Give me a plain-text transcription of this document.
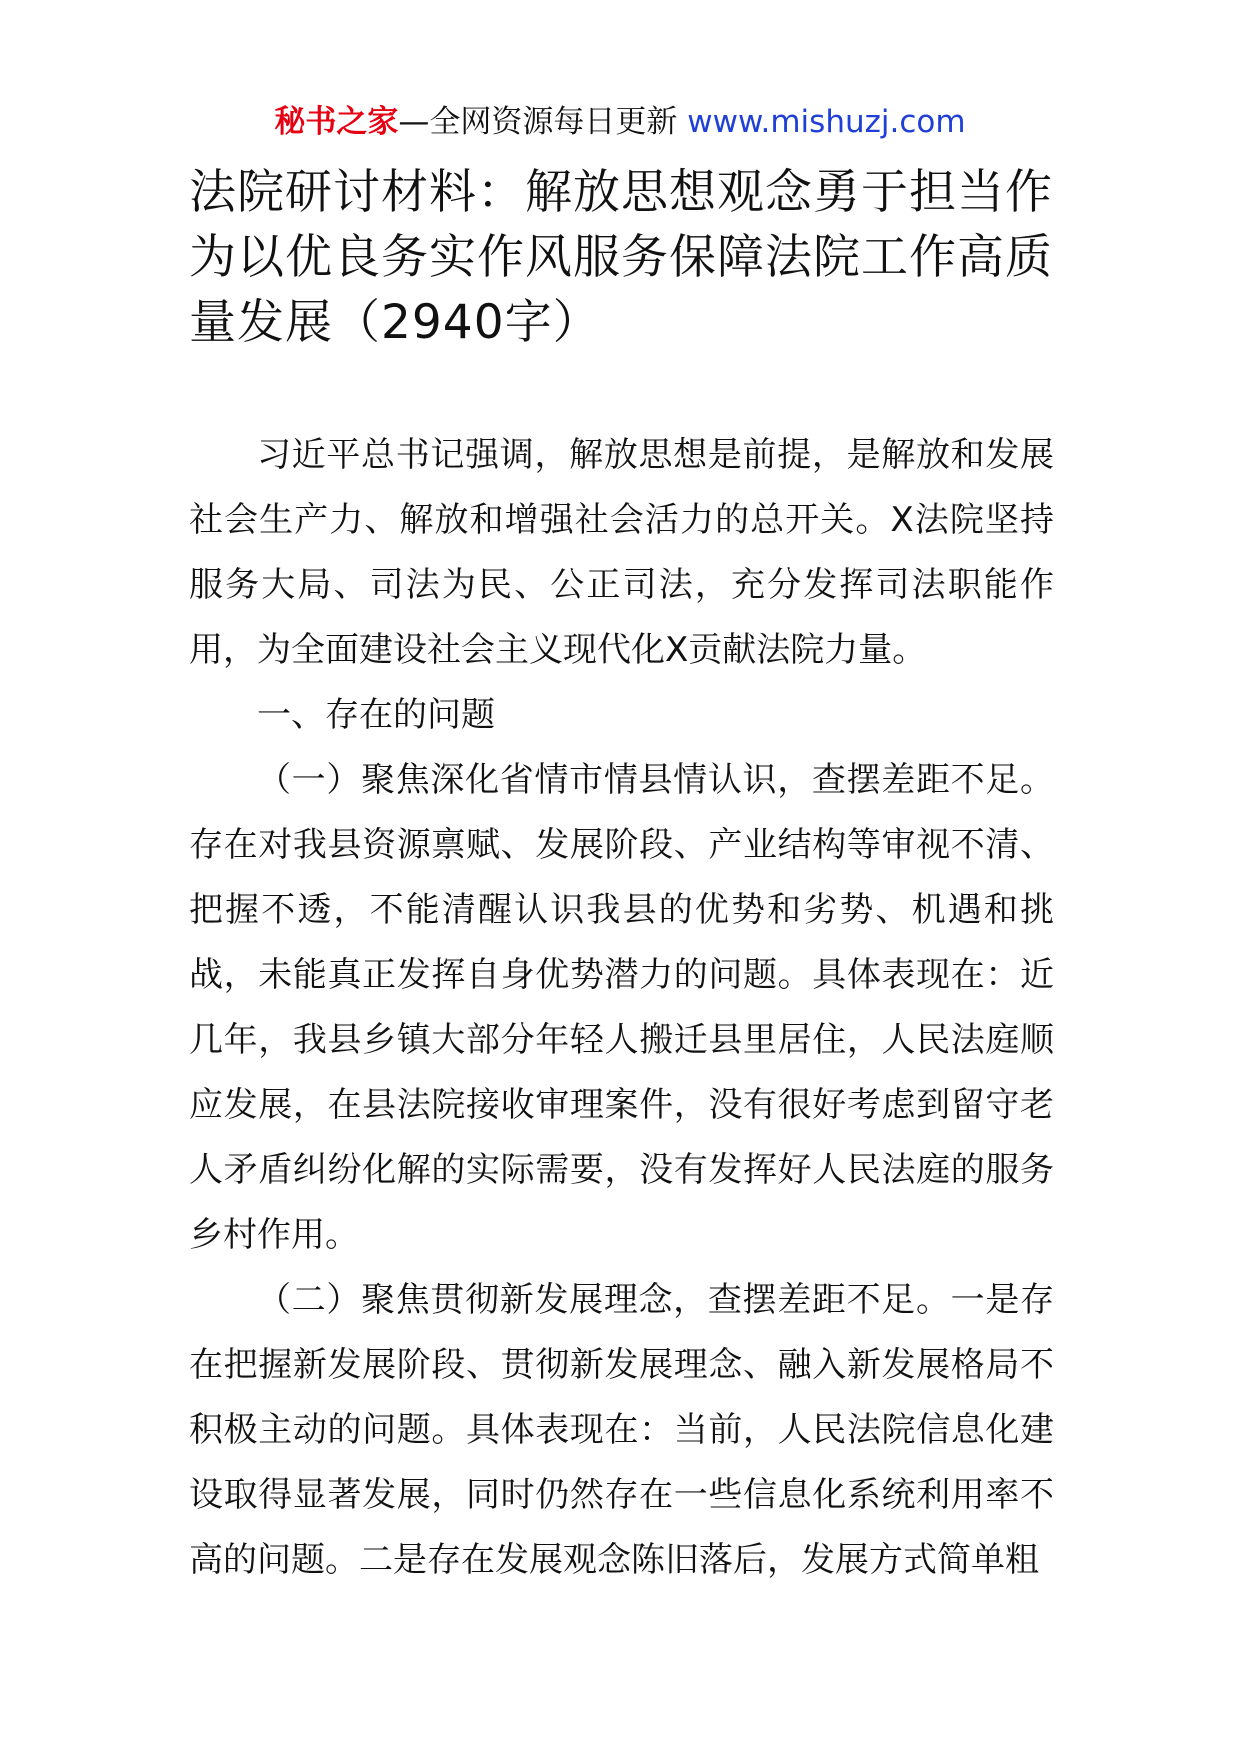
秘书之家—全网资源每日更新 www.mishuzj.com
法院研讨材料：解放思想观念勇于担当作为以优良务实作风服务保障法院工作高质量发展（2940字）

习近平总书记强调，解放思想是前提，是解放和发展社会生产力、解放和增强社会活力的总开关。X法院坚持服务大局、司法为民、公正司法，充分发挥司法职能作用，为全面建设社会主义现代化X贡献法院力量。

一、存在的问题

（一）聚焦深化省情市情县情认识，查摆差距不足。存在对我县资源禀赋、发展阶段、产业结构等审视不清、把握不透，不能清醒认识我县的优势和劣势、机遇和挑战，未能真正发挥自身优势潜力的问题。具体表现在：近几年，我县乡镇大部分年轻人搬迁县里居住，人民法庭顺应发展，在县法院接收审理案件，没有很好考虑到留守老人矛盾纠纷化解的实际需要，没有发挥好人民法庭的服务乡村作用。

（二）聚焦贯彻新发展理念，查摆差距不足。一是存在把握新发展阶段、贯彻新发展理念、融入新发展格局不积极主动的问题。具体表现在：当前，人民法院信息化建设取得显著发展，同时仍然存在一些信息化系统利用率不高的问题。二是存在发展观念陈旧落后，发展方式简单粗
